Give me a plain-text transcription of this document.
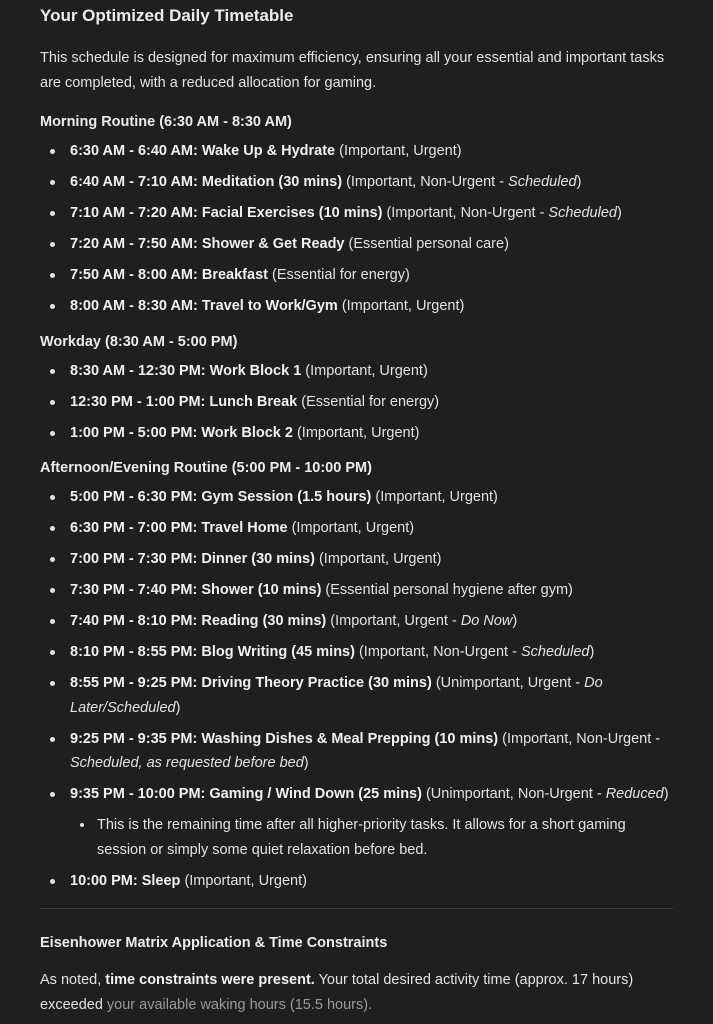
Your Optimized Daily Timetable

This schedule is designed for maximum efficiency, ensuring all your essential and important tasks are completed, with a reduced allocation for gaming.

Morning Routine (6:30 AM - 8:30 AM)
6:30 AM - 6:40 AM: Wake Up & Hydrate (Important, Urgent)
6:40 AM - 7:10 AM: Meditation (30 mins) (Important, Non-Urgent - Scheduled)
7:10 AM - 7:20 AM: Facial Exercises (10 mins) (Important, Non-Urgent - Scheduled)
7:20 AM - 7:50 AM: Shower & Get Ready (Essential personal care)
7:50 AM - 8:00 AM: Breakfast (Essential for energy)
8:00 AM - 8:30 AM: Travel to Work/Gym (Important, Urgent)
Workday (8:30 AM - 5:00 PM)
8:30 AM - 12:30 PM: Work Block 1 (Important, Urgent)
12:30 PM - 1:00 PM: Lunch Break (Essential for energy)
1:00 PM - 5:00 PM: Work Block 2 (Important, Urgent)
Afternoon/Evening Routine (5:00 PM - 10:00 PM)
5:00 PM - 6:30 PM: Gym Session (1.5 hours) (Important, Urgent)
6:30 PM - 7:00 PM: Travel Home (Important, Urgent)
7:00 PM - 7:30 PM: Dinner (30 mins) (Important, Urgent)
7:30 PM - 7:40 PM: Shower (10 mins) (Essential personal hygiene after gym)
7:40 PM - 8:10 PM: Reading (30 mins) (Important, Urgent - Do Now)
8:10 PM - 8:55 PM: Blog Writing (45 mins) (Important, Non-Urgent - Scheduled)
8:55 PM - 9:25 PM: Driving Theory Practice (30 mins) (Unimportant, Urgent - Do Later/Scheduled)
9:25 PM - 9:35 PM: Washing Dishes & Meal Prepping (10 mins) (Important, Non-Urgent - Scheduled, as requested before bed)
9:35 PM - 10:00 PM: Gaming / Wind Down (25 mins) (Unimportant, Non-Urgent - Reduced)
This is the remaining time after all higher-priority tasks. It allows for a short gaming session or simply some quiet relaxation before bed.
10:00 PM: Sleep (Important, Urgent)
Eisenhower Matrix Application & Time Constraints

As noted, time constraints were present. Your total desired activity time (approx. 17 hours) exceeded your available waking hours (15.5 hours).
